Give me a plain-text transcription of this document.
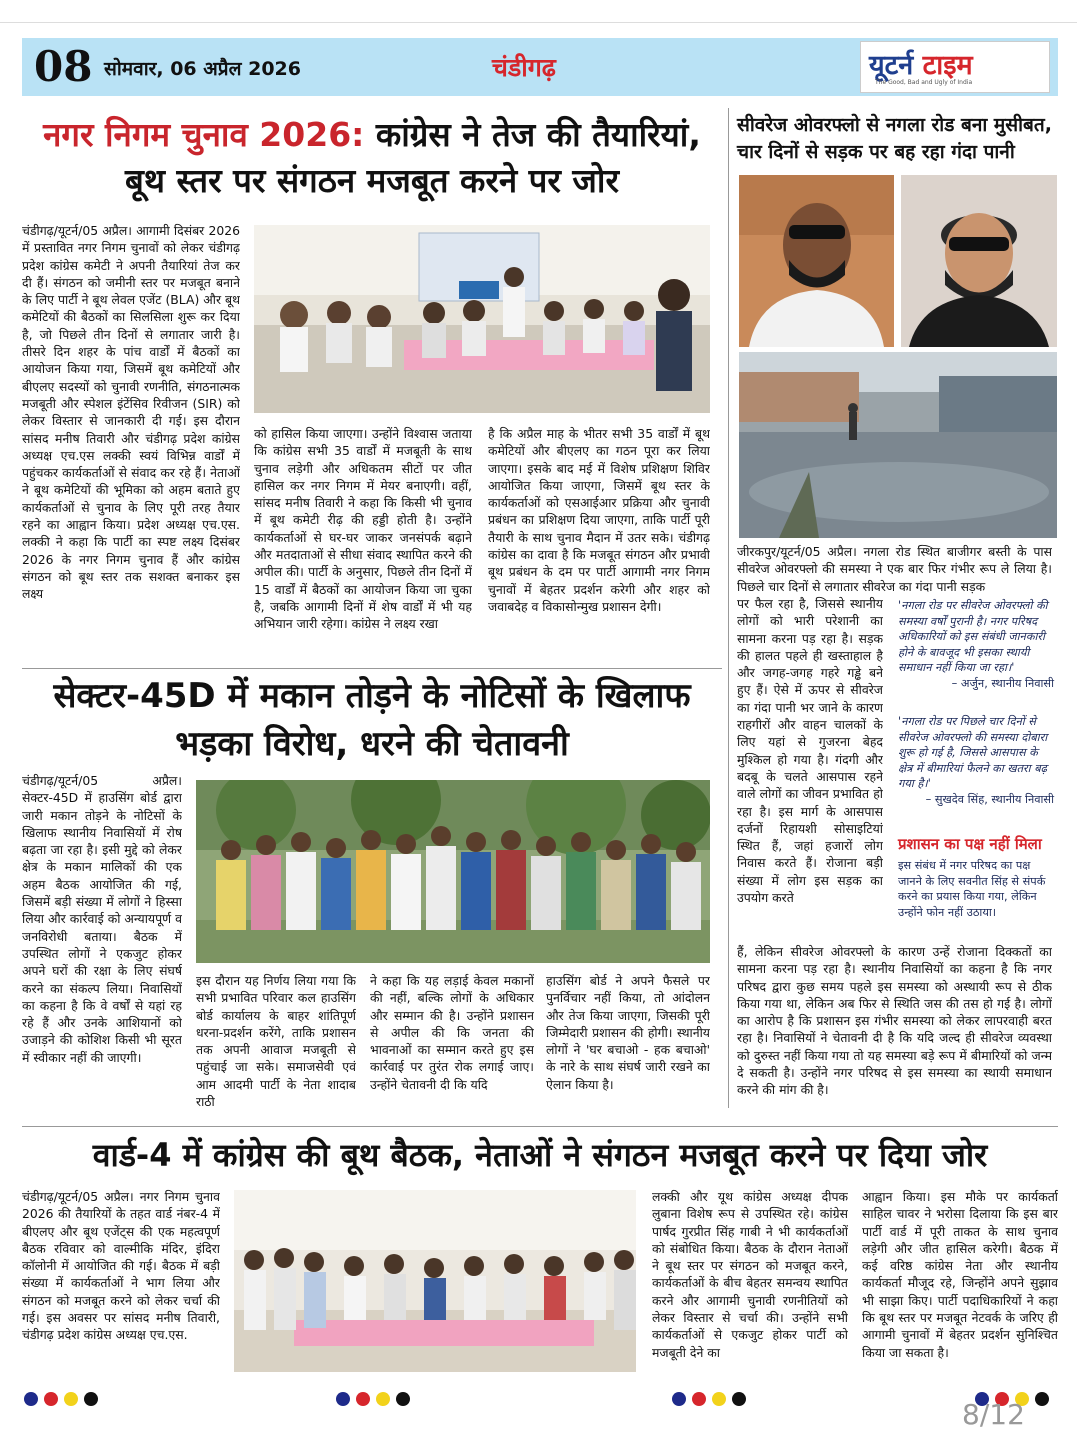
08 सोमवार, 06 अप्रैल 2026	चंडीगढ़	यूटर्न टाइम
The Good, Bad and Ugly of India
नगर निगम चुनाव 2026: कांग्रेस ने तेज की तैयारियां, बूथ स्तर पर संगठन मजबूत करने पर जोर
चंडीगढ़/यूटर्न/05 अप्रैल। आगामी दिसंबर 2026 में प्रस्तावित नगर निगम चुनावों को लेकर चंडीगढ़ प्रदेश कांग्रेस कमेटी ने अपनी तैयारियां तेज कर दी हैं। संगठन को जमीनी स्तर पर मजबूत बनाने के लिए पार्टी ने बूथ लेवल एजेंट (BLA) और बूथ कमेटियों की बैठकों का सिलसिला शुरू कर दिया है, जो पिछले तीन दिनों से लगातार जारी है। तीसरे दिन शहर के पांच वार्डों में बैठकों का आयोजन किया गया, जिसमें बूथ कमेटियों और बीएलए सदस्यों को चुनावी रणनीति, संगठनात्मक मजबूती और स्पेशल इंटेंसिव रिवीजन (SIR) को लेकर विस्तार से जानकारी दी गई। इस दौरान सांसद मनीष तिवारी और चंडीगढ़ प्रदेश कांग्रेस अध्यक्ष एच.एस लक्की स्वयं विभिन्न वार्डों में पहुंचकर कार्यकर्ताओं से संवाद कर रहे हैं। नेताओं ने बूथ कमेटियों की भूमिका को अहम बताते हुए कार्यकर्ताओं से चुनाव के लिए पूरी तरह तैयार रहने का आह्वान किया। प्रदेश अध्यक्ष एच.एस. लक्की ने कहा कि पार्टी का स्पष्ट लक्ष्य दिसंबर 2026 के नगर निगम चुनाव हैं और कांग्रेस संगठन को बूथ स्तर तक सशक्त बनाकर इस लक्ष्य
को हासिल किया जाएगा। उन्होंने विश्वास जताया कि कांग्रेस सभी 35 वार्डों में मजबूती के साथ चुनाव लड़ेगी और अधिकतम सीटों पर जीत हासिल कर नगर निगम में मेयर बनाएगी। वहीं, सांसद मनीष तिवारी ने कहा कि किसी भी चुनाव में बूथ कमेटी रीढ़ की हड्डी होती है। उन्होंने कार्यकर्ताओं से घर-घर जाकर जनसंपर्क बढ़ाने और मतदाताओं से सीधा संवाद स्थापित करने की अपील की। पार्टी के अनुसार, पिछले तीन दिनों में 15 वार्डों में बैठकों का आयोजन किया जा चुका है, जबकि आगामी दिनों में शेष वार्डों में भी यह अभियान जारी रहेगा। कांग्रेस ने लक्ष्य रखा
है कि अप्रैल माह के भीतर सभी 35 वार्डों में बूथ कमेटियों और बीएलए का गठन पूरा कर लिया जाएगा। इसके बाद मई में विशेष प्रशिक्षण शिविर आयोजित किया जाएगा, जिसमें बूथ स्तर के कार्यकर्ताओं को एसआईआर प्रक्रिया और चुनावी प्रबंधन का प्रशिक्षण दिया जाएगा, ताकि पार्टी पूरी तैयारी के साथ चुनाव मैदान में उतर सके। चंडीगढ़ कांग्रेस का दावा है कि मजबूत संगठन और प्रभावी बूथ प्रबंधन के दम पर पार्टी आगामी नगर निगम चुनावों में बेहतर प्रदर्शन करेगी और शहर को जवाबदेह व विकासोन्मुख प्रशासन देगी।
सेक्टर-45D में मकान तोड़ने के नोटिसों के खिलाफ भड़का विरोध, धरने की चेतावनी
चंडीगढ़/यूटर्न/05 अप्रैल। सेक्टर-45D में हाउसिंग बोर्ड द्वारा जारी मकान तोड़ने के नोटिसों के खिलाफ स्थानीय निवासियों में रोष बढ़ता जा रहा है। इसी मुद्दे को लेकर क्षेत्र के मकान मालिकों की एक अहम बैठक आयोजित की गई, जिसमें बड़ी संख्या में लोगों ने हिस्सा लिया और कार्रवाई को अन्यायपूर्ण व जनविरोधी बताया। बैठक में उपस्थित लोगों ने एकजुट होकर अपने घरों की रक्षा के लिए संघर्ष करने का संकल्प लिया। निवासियों का कहना है कि वे वर्षों से यहां रह रहे हैं और उनके आशियानों को उजाड़ने की कोशिश किसी भी सूरत में स्वीकार नहीं की जाएगी।
इस दौरान यह निर्णय लिया गया कि सभी प्रभावित परिवार कल हाउसिंग बोर्ड कार्यालय के बाहर शांतिपूर्ण धरना-प्रदर्शन करेंगे, ताकि प्रशासन तक अपनी आवाज मजबूती से पहुंचाई जा सके। समाजसेवी एवं आम आदमी पार्टी के नेता शादाब राठी
ने कहा कि यह लड़ाई केवल मकानों की नहीं, बल्कि लोगों के अधिकार और सम्मान की है। उन्होंने प्रशासन से अपील की कि जनता की भावनाओं का सम्मान करते हुए इस कार्रवाई पर तुरंत रोक लगाई जाए। उन्होंने चेतावनी दी कि यदि
हाउसिंग बोर्ड ने अपने फैसले पर पुनर्विचार नहीं किया, तो आंदोलन और तेज किया जाएगा, जिसकी पूरी जिम्मेदारी प्रशासन की होगी। स्थानीय लोगों ने 'घर बचाओ - हक बचाओ' के नारे के साथ संघर्ष जारी रखने का ऐलान किया है।
सीवरेज ओवरफ्लो से नगला रोड बना मुसीबत, चार दिनों से सड़क पर बह रहा गंदा पानी
जीरकपुर/यूटर्न/05 अप्रैल। नगला रोड स्थित बाजीगर बस्ती के पास सीवरेज ओवरफ्लो की समस्या ने एक बार फिर गंभीर रूप ले लिया है। पिछले चार दिनों से लगातार सीवरेज का गंदा पानी सड़क
पर फैल रहा है, जिससे स्थानीय लोगों को भारी परेशानी का सामना करना पड़ रहा है। सड़क की हालत पहले ही खस्ताहाल है और जगह-जगह गहरे गड्ढे बने हुए हैं। ऐसे में ऊपर से सीवरेज का गंदा पानी भर जाने के कारण राहगीरों और वाहन चालकों के लिए यहां से गुजरना बेहद मुश्किल हो गया है। गंदगी और बदबू के चलते आसपास रहने वाले लोगों का जीवन प्रभावित हो रहा है। इस मार्ग के आसपास दर्जनों रिहायशी सोसाइटियां स्थित हैं, जहां हजारों लोग निवास करते हैं। रोजाना बड़ी संख्या में लोग इस सड़क का उपयोग करते
'नगला रोड पर सीवरेज ओवरफ्लो की समस्या वर्षों पुरानी है। नगर परिषद अधिकारियों को इस संबंधी जानकारी होने के बावजूद भी इसका स्थायी समाधान नहीं किया जा रहा।'
– अर्जुन, स्थानीय निवासी
'नगला रोड पर पिछले चार दिनों से सीवरेज ओवरफ्लो की समस्या दोबारा शुरू हो गई है, जिससे आसपास के क्षेत्र में बीमारियां फैलने का खतरा बढ़ गया है।'
– सुखदेव सिंह, स्थानीय निवासी
प्रशासन का पक्ष नहीं मिला
इस संबंध में नगर परिषद का पक्ष जानने के लिए सवनीत सिंह से संपर्क करने का प्रयास किया गया, लेकिन उन्होंने फोन नहीं उठाया।
हैं, लेकिन सीवरेज ओवरफ्लो के कारण उन्हें रोजाना दिक्कतों का सामना करना पड़ रहा है। स्थानीय निवासियों का कहना है कि नगर परिषद द्वारा कुछ समय पहले इस समस्या को अस्थायी रूप से ठीक किया गया था, लेकिन अब फिर से स्थिति जस की तस हो गई है। लोगों का आरोप है कि प्रशासन इस गंभीर समस्या को लेकर लापरवाही बरत रहा है। निवासियों ने चेतावनी दी है कि यदि जल्द ही सीवरेज व्यवस्था को दुरुस्त नहीं किया गया तो यह समस्या बड़े रूप में बीमारियों को जन्म दे सकती है। उन्होंने नगर परिषद से इस समस्या का स्थायी समाधान करने की मांग की है।
वार्ड-4 में कांग्रेस की बूथ बैठक, नेताओं ने संगठन मजबूत करने पर दिया जोर
चंडीगढ़/यूटर्न/05 अप्रैल। नगर निगम चुनाव 2026 की तैयारियों के तहत वार्ड नंबर-4 में बीएलए और बूथ एजेंट्स की एक महत्वपूर्ण बैठक रविवार को वाल्मीकि मंदिर, इंदिरा कॉलोनी में आयोजित की गई। बैठक में बड़ी संख्या में कार्यकर्ताओं ने भाग लिया और संगठन को मजबूत करने को लेकर चर्चा की गई। इस अवसर पर सांसद मनीष तिवारी, चंडीगढ़ प्रदेश कांग्रेस अध्यक्ष एच.एस.
लक्की और यूथ कांग्रेस अध्यक्ष दीपक लुबाना विशेष रूप से उपस्थित रहे। कांग्रेस पार्षद गुरप्रीत सिंह गाबी ने भी कार्यकर्ताओं को संबोधित किया। बैठक के दौरान नेताओं ने बूथ स्तर पर संगठन को मजबूत करने, कार्यकर्ताओं के बीच बेहतर समन्वय स्थापित करने और आगामी चुनावी रणनीतियों को लेकर विस्तार से चर्चा की। उन्होंने सभी कार्यकर्ताओं से एकजुट होकर पार्टी को मजबूती देने का
आह्वान किया। इस मौके पर कार्यकर्ता साहिल चावर ने भरोसा दिलाया कि इस बार पार्टी वार्ड में पूरी ताकत के साथ चुनाव लड़ेगी और जीत हासिल करेगी। बैठक में कई वरिष्ठ कांग्रेस नेता और स्थानीय कार्यकर्ता मौजूद रहे, जिन्होंने अपने सुझाव भी साझा किए। पार्टी पदाधिकारियों ने कहा कि बूथ स्तर पर मजबूत नेटवर्क के जरिए ही आगामी चुनावों में बेहतर प्रदर्शन सुनिश्चित किया जा सकता है।
8/12
